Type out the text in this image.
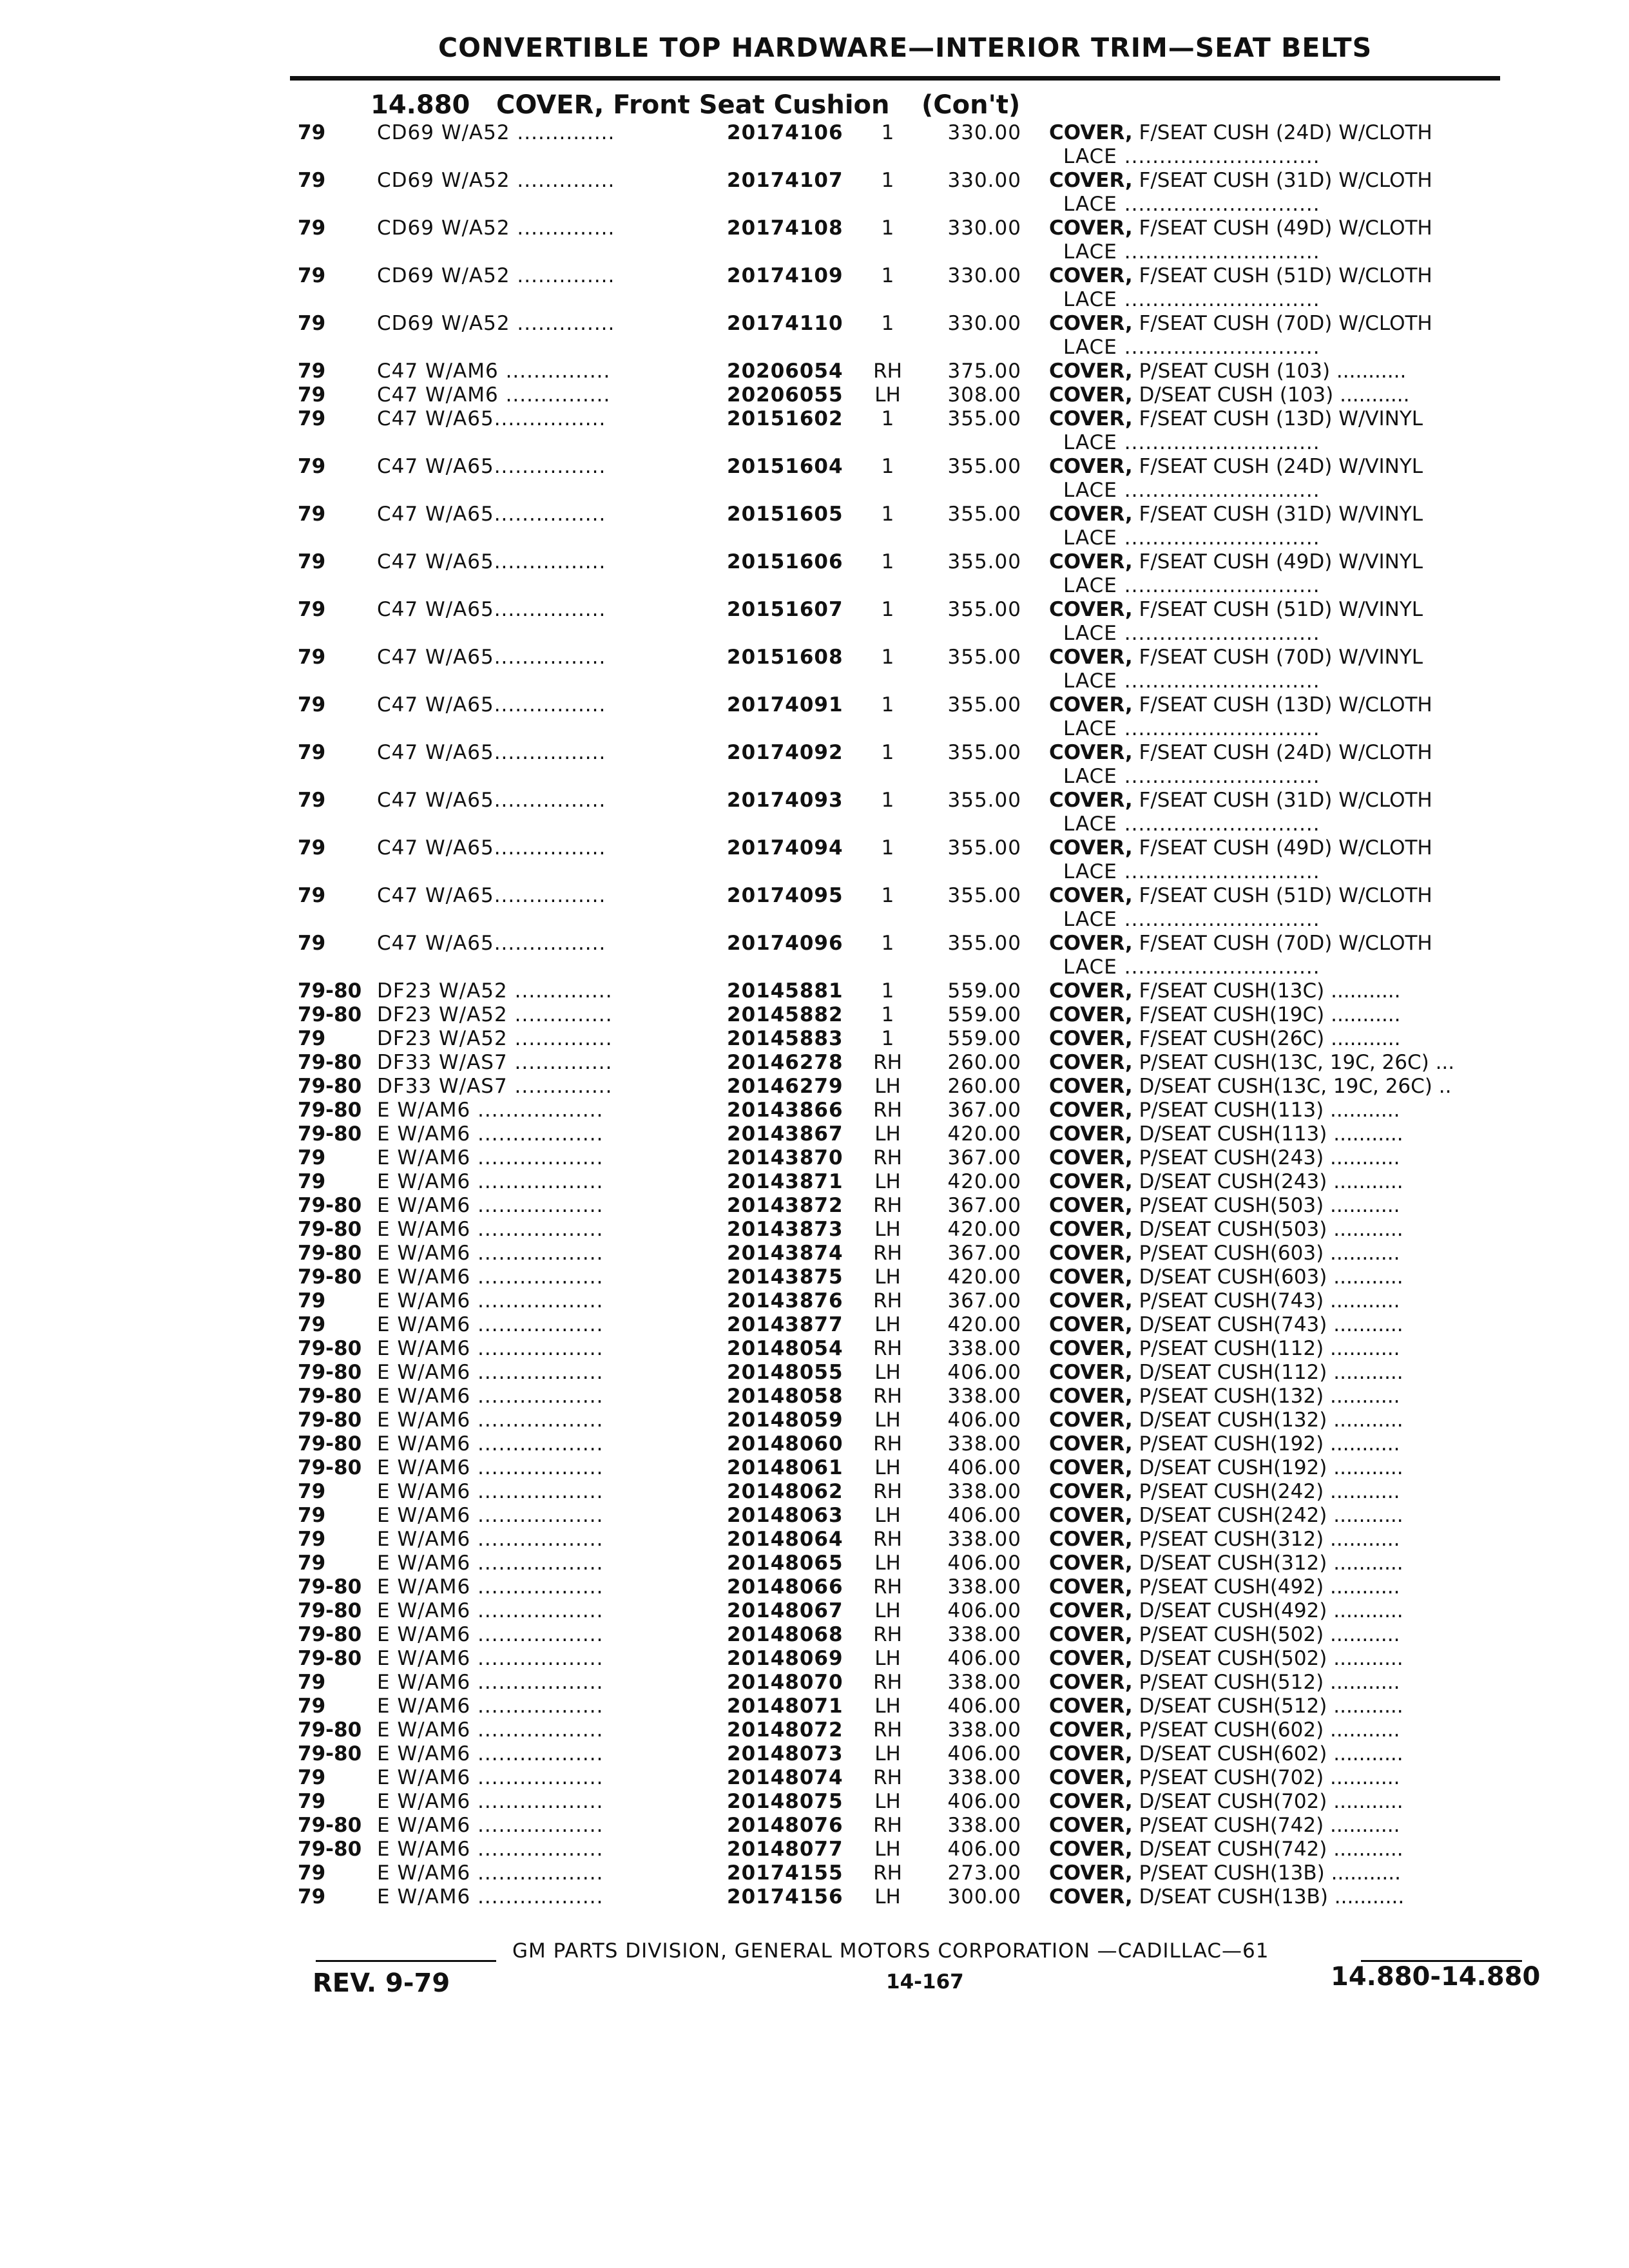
CONVERTIBLE TOP HARDWARE—INTERIOR TRIM—SEAT BELTS
14.880 COVER, Front Seat Cushion (Con't)
79	CD69 W/A52 ..............	20174106	1	330.00 COVER, F/SEAT CUSH (24D) W/CLOTH
LACE ............................
79	CD69 W/A52 ..............	20174107	1	330.00 COVER, F/SEAT CUSH (31D) W/CLOTH
LACE ............................
79	CD69 W/A52 ..............	20174108	1	330.00 COVER, F/SEAT CUSH (49D) W/CLOTH
LACE ............................
79	CD69 W/A52 ..............	20174109	1	330.00 COVER, F/SEAT CUSH (51D) W/CLOTH
LACE ............................
79	CD69 W/A52 ..............	20174110	1	330.00 COVER, F/SEAT CUSH (70D) W/CLOTH
LACE ............................
79	C47 W/AM6 ...............	20206054 RH	375.00 COVER, P/SEAT CUSH (103) ...........
79	C47 W/AM6 ...............	20206055 LH	308.00 COVER, D/SEAT CUSH (103) ...........
79	C47 W/A65................	20151602	1	355.00 COVER, F/SEAT CUSH (13D) W/VINYL
LACE ............................
79	C47 W/A65................	20151604	1	355.00 COVER, F/SEAT CUSH (24D) W/VINYL
LACE ............................
79	C47 W/A65................	20151605	1	355.00 COVER, F/SEAT CUSH (31D) W/VINYL
LACE ............................
79	C47 W/A65................	20151606	1	355.00 COVER, F/SEAT CUSH (49D) W/VINYL
LACE ............................
79	C47 W/A65................	20151607	1	355.00 COVER, F/SEAT CUSH (51D) W/VINYL
LACE ............................
79	C47 W/A65................	20151608	1	355.00 COVER, F/SEAT CUSH (70D) W/VINYL
LACE ............................
79	C47 W/A65................	20174091	1	355.00 COVER, F/SEAT CUSH (13D) W/CLOTH
LACE ............................
79	C47 W/A65................	20174092	1	355.00 COVER, F/SEAT CUSH (24D) W/CLOTH
LACE ............................
79	C47 W/A65................	20174093	1	355.00 COVER, F/SEAT CUSH (31D) W/CLOTH
LACE ............................
79	C47 W/A65................	20174094	1	355.00 COVER, F/SEAT CUSH (49D) W/CLOTH
LACE ............................
79	C47 W/A65................	20174095	1	355.00 COVER, F/SEAT CUSH (51D) W/CLOTH
LACE ............................
79	C47 W/A65................	20174096	1	355.00 COVER, F/SEAT CUSH (70D) W/CLOTH
LACE ............................
79-80 DF23 W/A52 ..............	20145881	1	559.00 COVER, F/SEAT CUSH(13C) ...........
79-80 DF23 W/A52 ..............	20145882	1	559.00 COVER, F/SEAT CUSH(19C) ...........
79	DF23 W/A52 ..............	20145883	1	559.00 COVER, F/SEAT CUSH(26C) ...........
79-80 DF33 W/AS7 ..............	20146278 RH	260.00 COVER, P/SEAT CUSH(13C, 19C, 26C) ...
79-80 DF33 W/AS7 ..............	20146279 LH	260.00 COVER, D/SEAT CUSH(13C, 19C, 26C) ..
79-80 E W/AM6 ..................	20143866 RH	367.00 COVER, P/SEAT CUSH(113) ...........
79-80 E W/AM6 ..................	20143867 LH	420.00 COVER, D/SEAT CUSH(113) ...........
79	E W/AM6 ..................	20143870 RH	367.00 COVER, P/SEAT CUSH(243) ...........
79	E W/AM6 ..................	20143871 LH	420.00 COVER, D/SEAT CUSH(243) ...........
79-80 E W/AM6 ..................	20143872 RH	367.00 COVER, P/SEAT CUSH(503) ...........
79-80 E W/AM6 ..................	20143873 LH	420.00 COVER, D/SEAT CUSH(503) ...........
79-80 E W/AM6 ..................	20143874 RH	367.00 COVER, P/SEAT CUSH(603) ...........
79-80 E W/AM6 ..................	20143875 LH	420.00 COVER, D/SEAT CUSH(603) ...........
79	E W/AM6 ..................	20143876 RH	367.00 COVER, P/SEAT CUSH(743) ...........
79	E W/AM6 ..................	20143877 LH	420.00 COVER, D/SEAT CUSH(743) ...........
79-80 E W/AM6 ..................	20148054 RH	338.00 COVER, P/SEAT CUSH(112) ...........
79-80 E W/AM6 ..................	20148055 LH	406.00 COVER, D/SEAT CUSH(112) ...........
79-80 E W/AM6 ..................	20148058 RH	338.00 COVER, P/SEAT CUSH(132) ...........
79-80 E W/AM6 ..................	20148059 LH	406.00 COVER, D/SEAT CUSH(132) ...........
79-80 E W/AM6 ..................	20148060 RH	338.00 COVER, P/SEAT CUSH(192) ...........
79-80 E W/AM6 ..................	20148061 LH	406.00 COVER, D/SEAT CUSH(192) ...........
79	E W/AM6 ..................	20148062 RH	338.00 COVER, P/SEAT CUSH(242) ...........
79	E W/AM6 ..................	20148063 LH	406.00 COVER, D/SEAT CUSH(242) ...........
79	E W/AM6 ..................	20148064 RH	338.00 COVER, P/SEAT CUSH(312) ...........
79	E W/AM6 ..................	20148065 LH	406.00 COVER, D/SEAT CUSH(312) ...........
79-80 E W/AM6 ..................	20148066 RH	338.00 COVER, P/SEAT CUSH(492) ...........
79-80 E W/AM6 ..................	20148067 LH	406.00 COVER, D/SEAT CUSH(492) ...........
79-80 E W/AM6 ..................	20148068 RH	338.00 COVER, P/SEAT CUSH(502) ...........
79-80 E W/AM6 ..................	20148069 LH	406.00 COVER, D/SEAT CUSH(502) ...........
79	E W/AM6 ..................	20148070 RH	338.00 COVER, P/SEAT CUSH(512) ...........
79	E W/AM6 ..................	20148071 LH	406.00 COVER, D/SEAT CUSH(512) ...........
79-80 E W/AM6 ..................	20148072 RH	338.00 COVER, P/SEAT CUSH(602) ...........
79-80 E W/AM6 ..................	20148073 LH	406.00 COVER, D/SEAT CUSH(602) ...........
79	E W/AM6 ..................	20148074 RH	338.00 COVER, P/SEAT CUSH(702) ...........
79	E W/AM6 ..................	20148075 LH	406.00 COVER, D/SEAT CUSH(702) ...........
79-80 E W/AM6 ..................	20148076 RH	338.00 COVER, P/SEAT CUSH(742) ...........
79-80 E W/AM6 ..................	20148077 LH	406.00 COVER, D/SEAT CUSH(742) ...........
79	E W/AM6 ..................	20174155 RH	273.00 COVER, P/SEAT CUSH(13B) ...........
79	E W/AM6 ..................	20174156 LH	300.00 COVER, D/SEAT CUSH(13B) ...........
GM PARTS DIVISION, GENERAL MOTORS CORPORATION —CADILLAC—61
REV. 9-79	14-167	14.880-14.880
